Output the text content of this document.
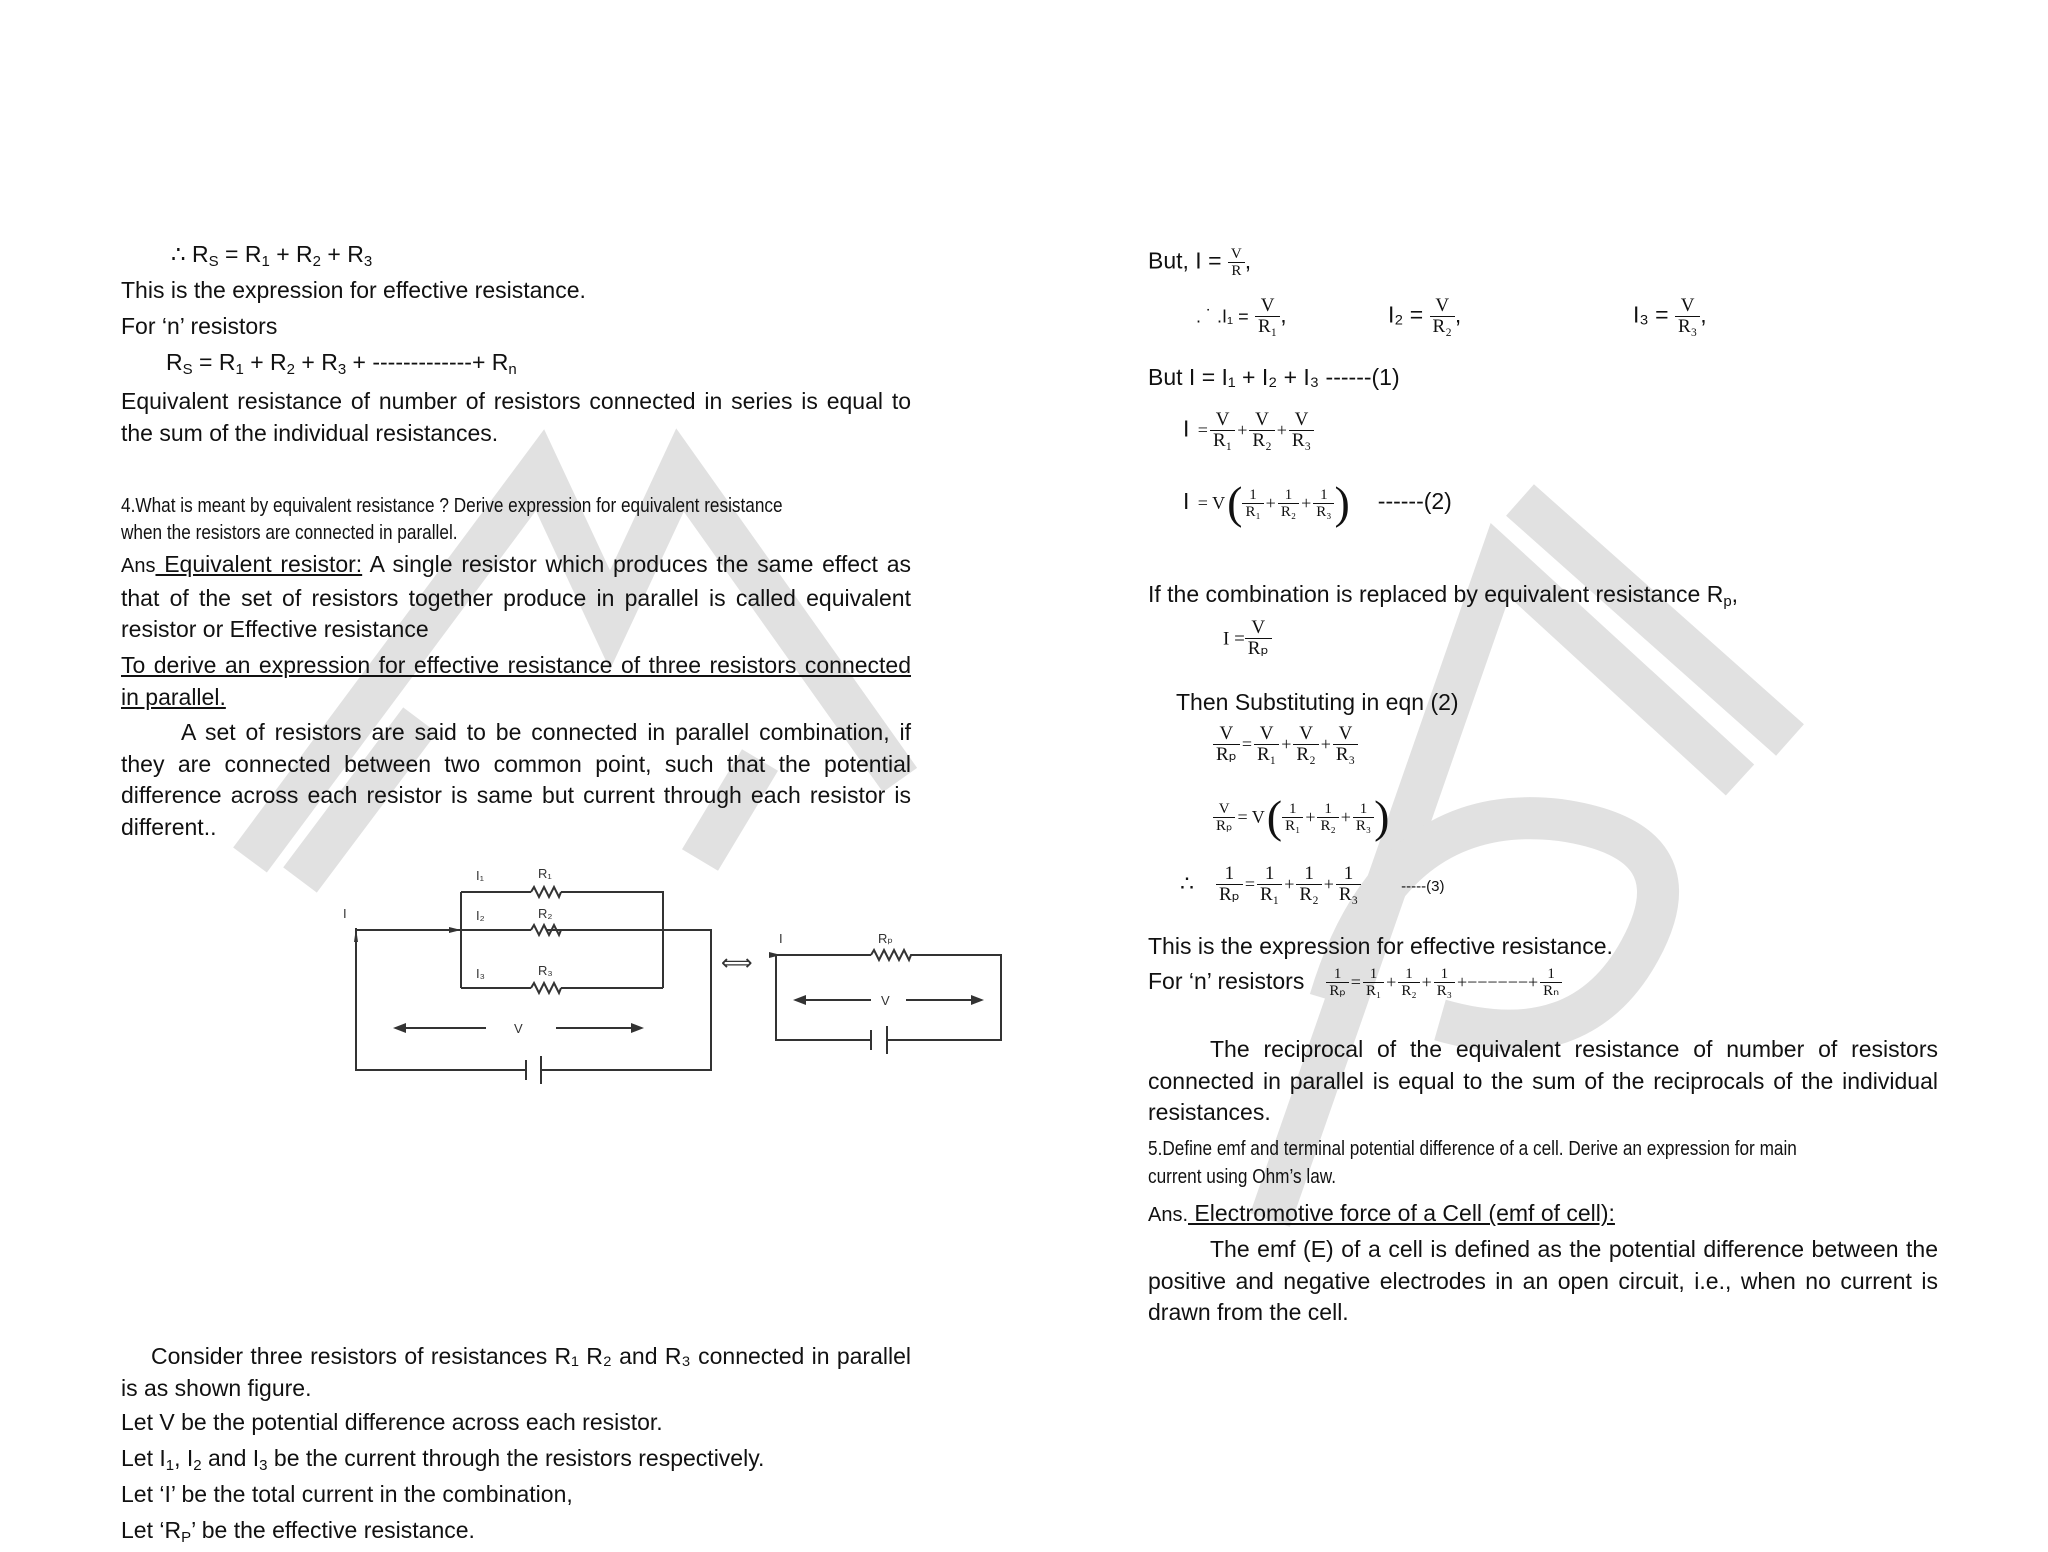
∴ $R_S = R_1 + R_2 + R_3$
This is the expression for effective resistance.
For ‘n’ resistors
$R_S = R_1 + R_2 + R_3$ + -------------+ $R_n$
Equivalent resistance of number of resistors connected in series is equal to the sum of the individual resistances.
4.What is meant by equivalent resistance ? Derive expression for equivalent resistance
when the resistors are connected in parallel.
Ans Equivalent resistor: A single resistor which produces the same effect as that of the set of resistors together produce in parallel is called equivalent resistor or Effective resistance
To derive an expression for effective resistance of three resistors connected in parallel.
A set of resistors are said to be connected in parallel combination, if they are connected between two common point, such that the potential difference across each resistor is same but current through each resistor is different..
I
I₁
I₂
I₃
R₁
R₂
R₃
V
I	Rₚ
V
⟺
Consider three resistors of resistances R₁ R₂ and R₃ connected in parallel is as shown figure.
Let V be the potential difference across each resistor.
Let $I_1$, $I_2$ and $I_3$ be the current through the resistors respectively.
Let ‘I’ be the total current in the combination,
Let ‘$R_P$’ be the effective resistance.
But, $I = \frac{V}{R}$ ,
. ˙ $.I_1 = \frac{V}{\text{R₁}}$ ,	$I_2 = \frac{V}{\text{R₂}}$ ,	$I_3 = \frac{V}{\text{R₃}}$ ,
But I = I₁ + I₂ + I₃ ------(1)
$I = \frac{V}{\text{R₁}} + \frac{V}{\text{R₂}} + \frac{V}{\text{R₃}}$
$I = V( \frac{1}{\text{R₁}} + \frac{1}{\text{R₂}} + \frac{1}{\text{R₃}}$ ) ------(2)
If the combination is replaced by equivalent resistance $R_p$,
$I = \frac{V}{\text{Rₚ}}$
Then Substituting in eqn (2)
$\frac{V}{\text{Rₚ}} = \frac{V}{\text{R₁}} + \frac{V}{\text{R₂}} + \frac{V}{\text{R₃}}$
$\frac{V}{\text{Rₚ}} = V( \frac{1}{\text{R₁}} + \frac{1}{\text{R₂}} + \frac{1}{\text{R₃}}$ )
∴ $\frac{1}{\text{Rₚ}} = \frac{1}{\text{R₁}} + \frac{1}{\text{R₂}} + \frac{1}{\text{R₃}}$	-----(3)
This is the expression for effective resistance.
For ‘n’ resistors $\frac{1}{\text{Rₚ}} = \frac{1}{\text{R₁}} + \frac{1}{\text{R₂}} + \frac{1}{\text{R₃}}$ +−−−−−−+ $\frac{1}{\text{Rₙ}}$
The reciprocal of the equivalent resistance of number of resistors connected in parallel is equal to the sum of the reciprocals of the individual resistances.
5.Define emf and terminal potential difference of a cell. Derive an expression for main
current using Ohm’s law.
Ans. Electromotive force of a Cell (emf of cell):
The emf (E) of a cell is defined as the potential difference between the positive and negative electrodes in an open circuit, i.e., when no current is drawn from the cell.
